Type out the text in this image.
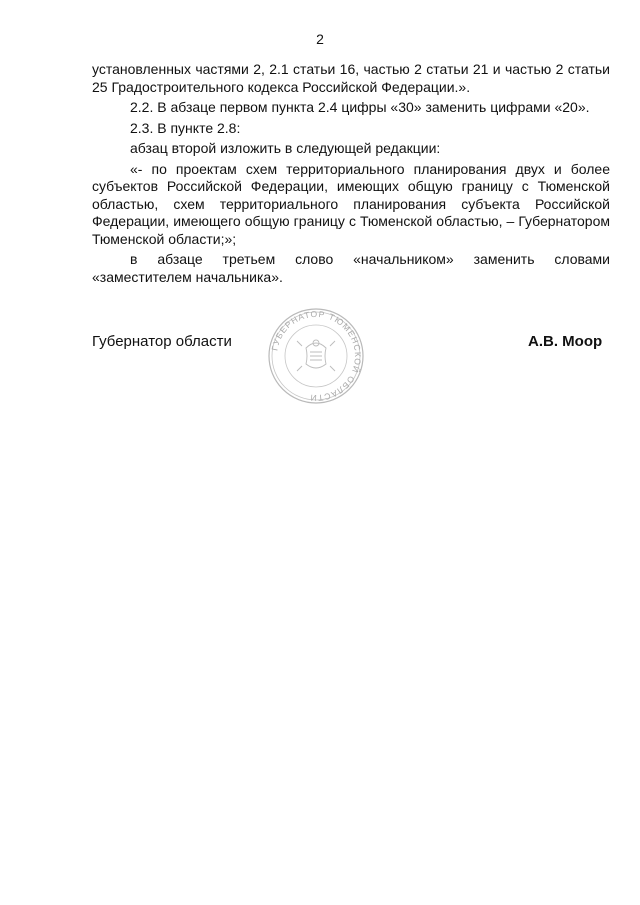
2

установленных частями 2, 2.1 статьи 16, частью 2 статьи 21 и частью 2 статьи

25 Градостроительного кодекса Российской Федерации.».

2.2. В абзаце первом пункта 2.4 цифры «30» заменить цифрами «20».

2.3. В пункте 2.8:

абзац второй изложить в следующей редакции:

«- по проектам схем территориального планирования двух и более субъектов Российской Федерации, имеющих общую границу с Тюменской областью, схем территориального планирования субъекта Российской Федерации, имеющего общую границу с Тюменской областью, – Губернатором Тюменской области;»;

в абзаце третьем слово «начальником» заменить словами «заместителем начальника».

Губернатор области	ГУБЕРНАТОР ТЮМЕНСКОЙ ОБЛАСТИ
А.В. Моор
